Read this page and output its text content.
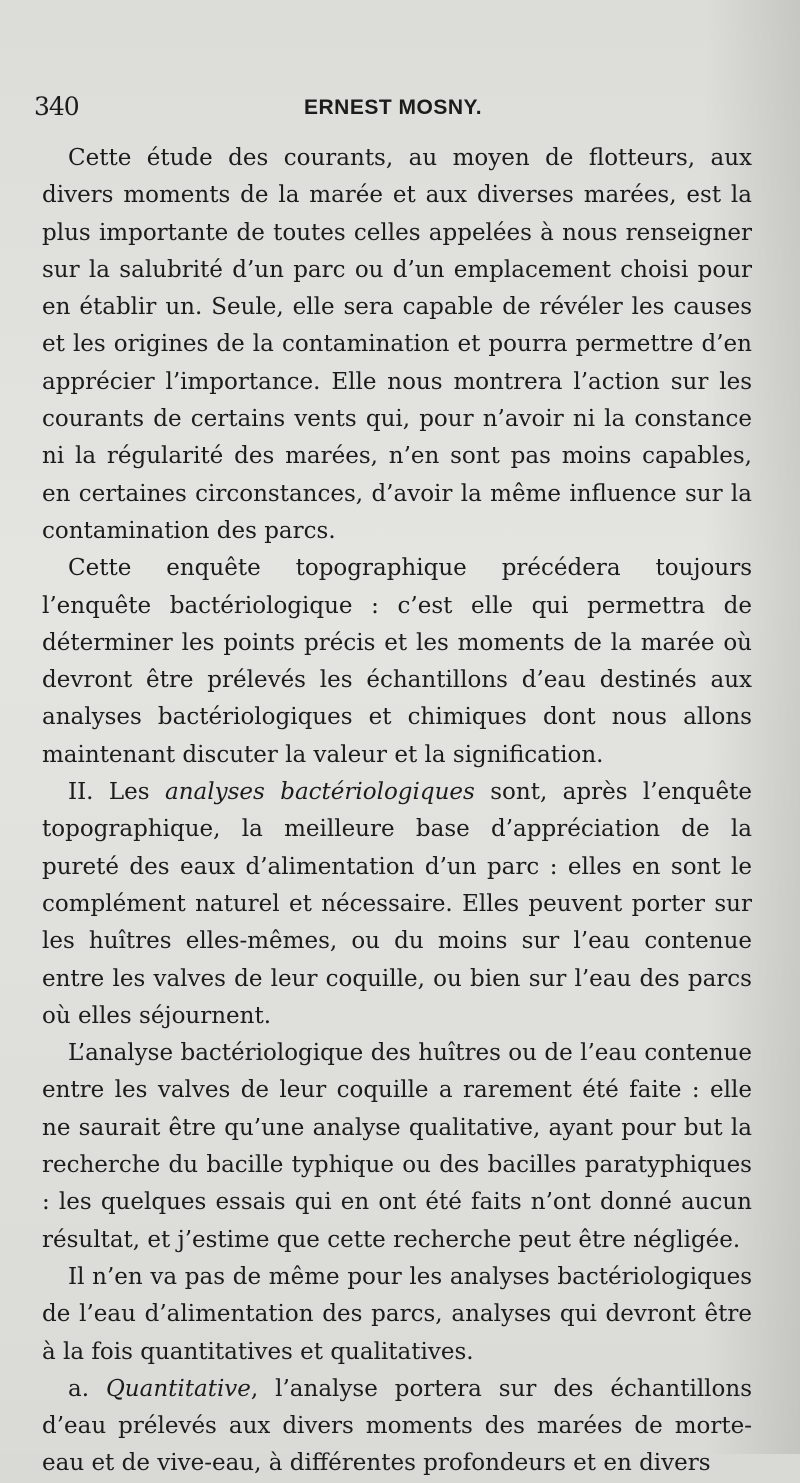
340	ERNEST MOSNY.

Cette étude des courants, au moyen de flotteurs, aux divers moments de la marée et aux diverses marées, est la plus importante de toutes celles appelées à nous renseigner sur la salubrité d’un parc ou d’un emplacement choisi pour en établir un. Seule, elle sera capable de révéler les causes et les origines de la contamination et pourra permettre d’en apprécier l’importance. Elle nous montrera l’action sur les courants de certains vents qui, pour n’avoir ni la constance ni la régularité des marées, n’en sont pas moins capables, en certaines circonstances, d’avoir la même influence sur la contamination des parcs.

Cette enquête topographique précédera toujours l’enquête bactériologique : c’est elle qui permettra de déterminer les points précis et les moments de la marée où devront être prélevés les échantillons d’eau destinés aux analyses bactériologiques et chimiques dont nous allons maintenant discuter la valeur et la signification.

II. Les analyses bactériologiques sont, après l’enquête topographique, la meilleure base d’appréciation de la pureté des eaux d’alimentation d’un parc : elles en sont le complément naturel et nécessaire. Elles peuvent porter sur les huîtres elles-mêmes, ou du moins sur l’eau contenue entre les valves de leur coquille, ou bien sur l’eau des parcs où elles séjournent.

L’analyse bactériologique des huîtres ou de l’eau contenue entre les valves de leur coquille a rarement été faite : elle ne saurait être qu’une analyse qualitative, ayant pour but la recherche du bacille typhique ou des bacilles paratyphiques : les quelques essais qui en ont été faits n’ont donné aucun résultat, et j’estime que cette recherche peut être négligée.

Il n’en va pas de même pour les analyses bactériologiques de l’eau d’alimentation des parcs, analyses qui devront être à la fois quantitatives et qualitatives.

a. Quantitative, l’analyse portera sur des échantillons d’eau prélevés aux divers moments des marées de morte-eau et de vive-eau, à différentes profondeurs et en divers
